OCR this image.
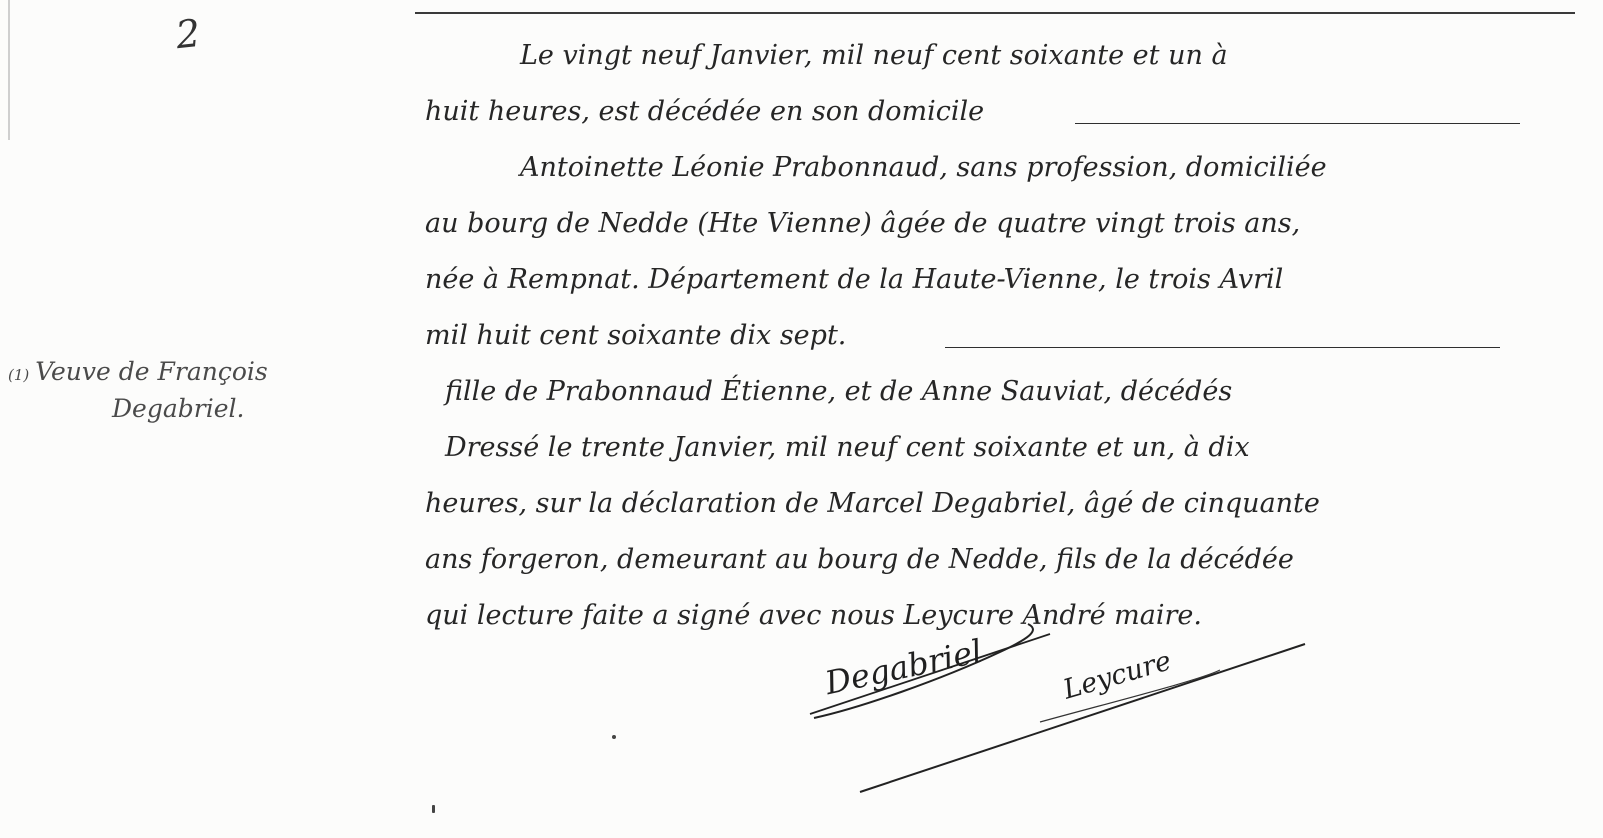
2
(1) Veuve de François
Degabriel.
Le vingt neuf Janvier, mil neuf cent soixante et un à
huit heures, est décédée en son domicile
Antoinette Léonie Prabonnaud, sans profession, domiciliée
au bourg de Nedde (Hte Vienne) âgée de quatre vingt trois ans,
née à Rempnat. Département de la Haute-Vienne, le trois Avril
mil huit cent soixante dix sept.
fille de Prabonnaud Étienne, et de Anne Sauviat, décédés
Dressé le trente Janvier, mil neuf cent soixante et un, à dix
heures, sur la déclaration de Marcel Degabriel, âgé de cinquante
ans forgeron, demeurant au bourg de Nedde, fils de la décédée
qui lecture faite a signé avec nous Leycure André maire.
Degabriel	Leycure
